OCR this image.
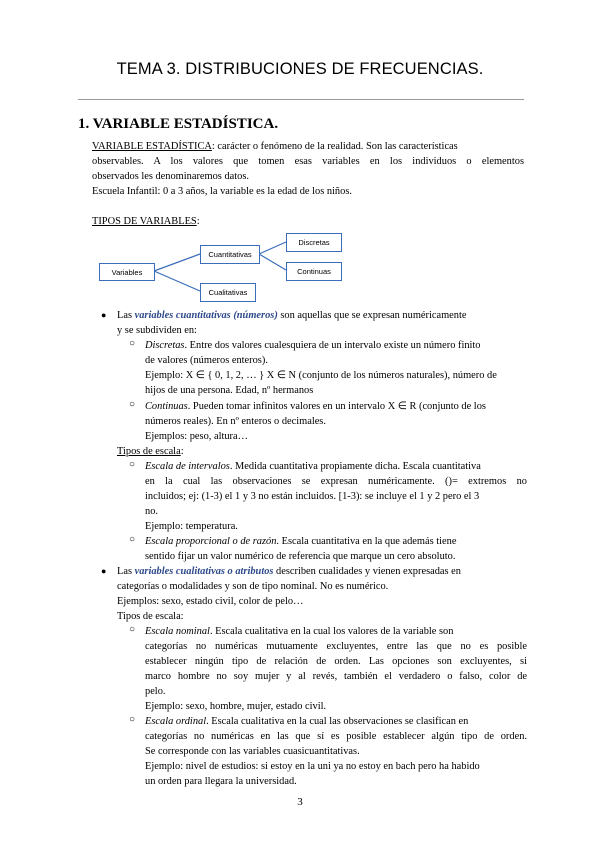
TEMA 3. DISTRIBUCIONES DE FRECUENCIAS.
1. VARIABLE ESTADÍSTICA.
VARIABLE ESTADÍSTICA: carácter o fenómeno de la realidad. Son las características
observables. A los valores que tomen esas variables en los individuos o elementos
observados les denominaremos datos.
Escuela Infantil: 0 a 3 años, la variable es la edad de los niños.
TIPOS DE VARIABLES:
Variables
Cuantitativas
Discretas
Continuas
Cualitativas
● Las variables cuantitativas (números) son aquellas que se expresan numéricamente
y se subdividen en:
○ Discretas. Entre dos valores cualesquiera de un intervalo existe un número finito
de valores (números enteros).
Ejemplo: X ∈ { 0, 1, 2, … } X ∈ N (conjunto de los números naturales), número de
hijos de una persona. Edad, nº hermanos
○ Continuas. Pueden tomar infinitos valores en un intervalo X ∈ R (conjunto de los
números reales). En nº enteros o decimales.
Ejemplos: peso, altura…
Tipos de escala:
○ Escala de intervalos. Medida cuantitativa propiamente dicha. Escala cuantitativa
en la cual las observaciones se expresan numéricamente. ()= extremos no
incluidos; ej: (1-3) el 1 y 3 no están incluidos. [1-3): se incluye el 1 y 2 pero el 3
no.
Ejemplo: temperatura.
○ Escala proporcional o de razón. Escala cuantitativa en la que además tiene
sentido fijar un valor numérico de referencia que marque un cero absoluto.
● Las variables cualitativas o atributos describen cualidades y vienen expresadas en
categorías o modalidades y son de tipo nominal. No es numérico.
Ejemplos: sexo, estado civil, color de pelo…
Tipos de escala:
○ Escala nominal. Escala cualitativa en la cual los valores de la variable son
categorías no numéricas mutuamente excluyentes, entre las que no es posible
establecer ningún tipo de relación de orden. Las opciones son excluyentes, si
marco hombre no soy mujer y al revés, también el verdadero o falso, color de
pelo.
Ejemplo: sexo, hombre, mujer, estado civil.
○ Escala ordinal. Escala cualitativa en la cual las observaciones se clasifican en
categorías no numéricas en las que sí es posible establecer algún tipo de orden.
Se corresponde con las variables cuasicuantitativas.
Ejemplo: nivel de estudios: si estoy en la uni ya no estoy en bach pero ha habido
un orden para llegara la universidad.
3
